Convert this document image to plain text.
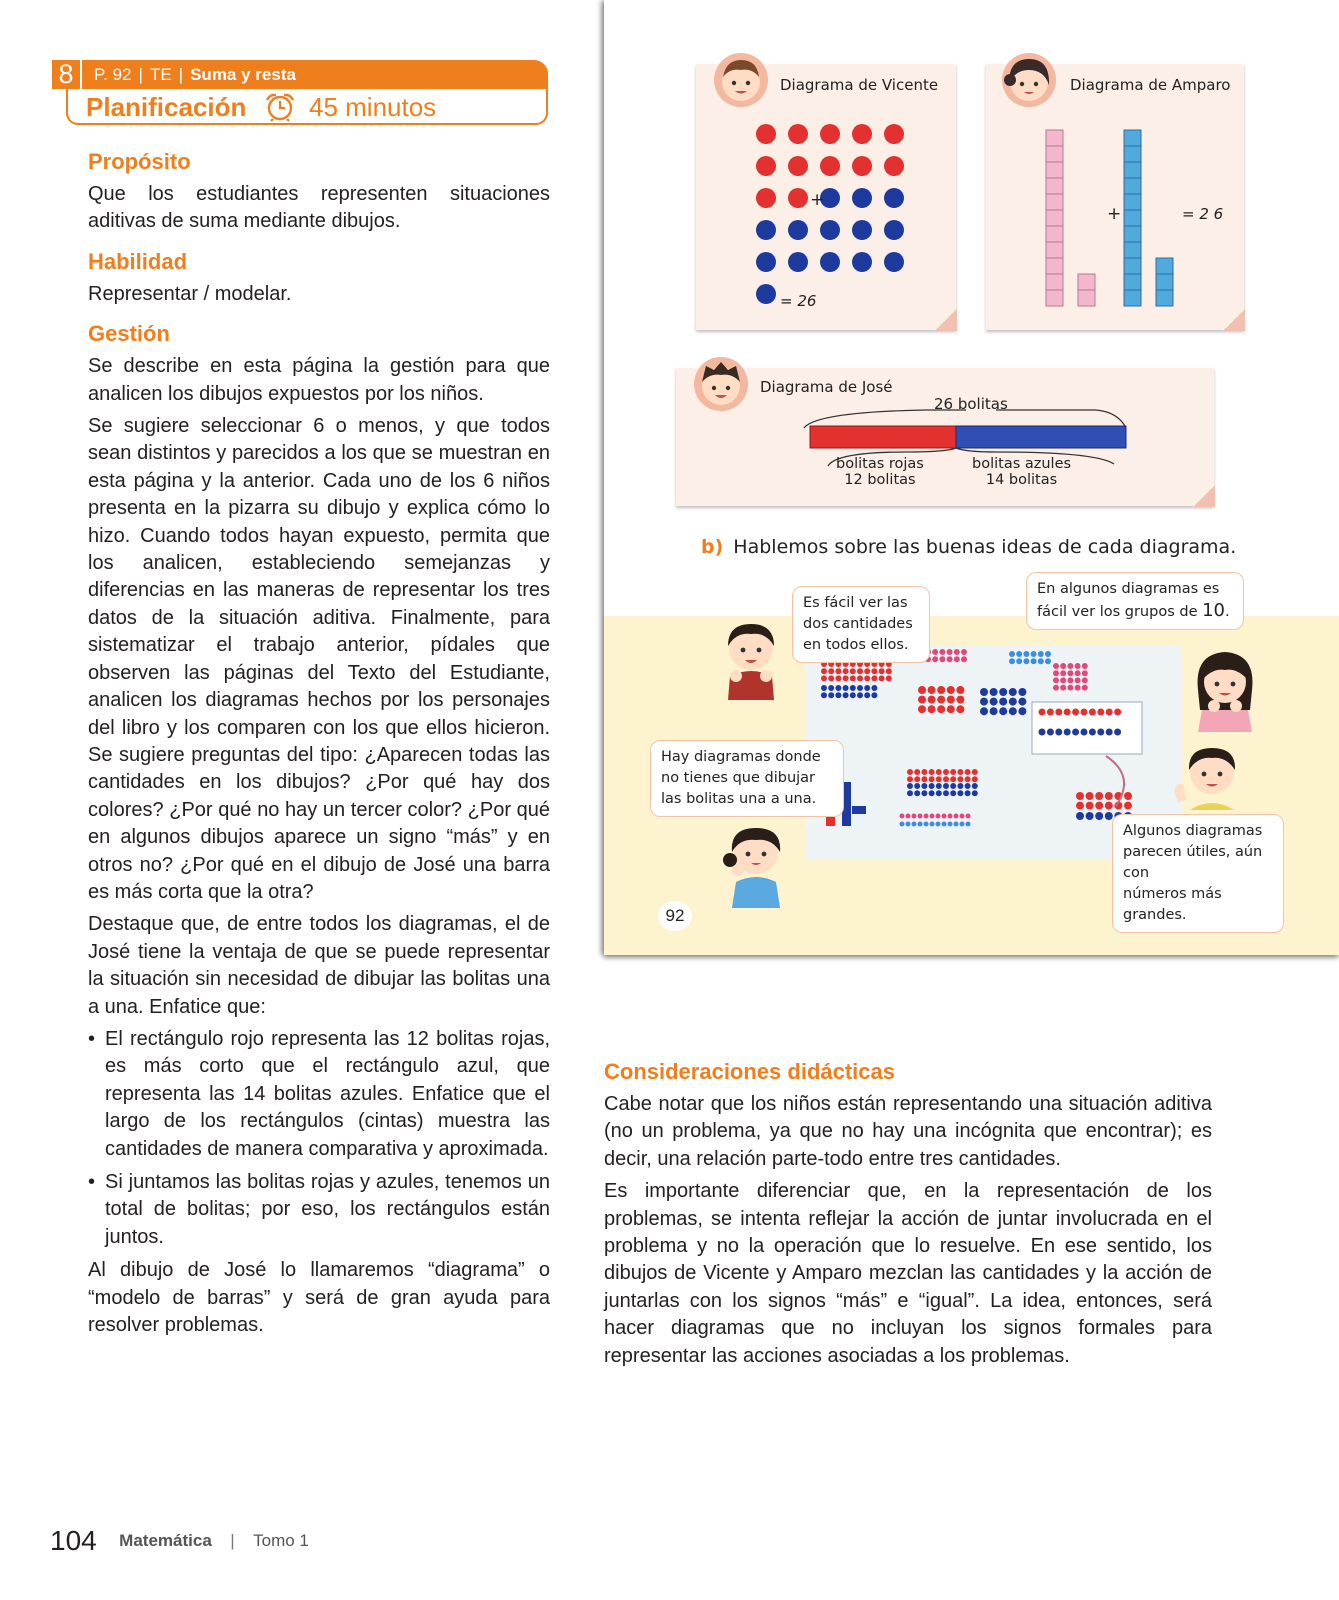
8	P. 92 | TE | Suma y resta
Planificación 45 minutos
Propósito
Que los estudiantes representen situaciones aditivas de suma mediante dibujos.
Habilidad
Representar / modelar.
Gestión
Se describe en esta página la gestión para que analicen los dibujos expuestos por los niños.
Se sugiere seleccionar 6 o menos, y que todos sean distintos y parecidos a los que se muestran en esta página y la anterior. Cada uno de los 6 niños presenta en la pizarra su dibujo y explica cómo lo hizo. Cuando todos hayan expuesto, permita que los analicen, estableciendo semejanzas y diferencias en las maneras de representar los tres datos de la situación aditiva. Finalmente, para sistematizar el trabajo anterior, pídales que observen las páginas del Texto del Estudiante, analicen los diagramas hechos por los personajes del libro y los comparen con los que ellos hicieron. Se sugiere preguntas del tipo: ¿Aparecen todas las cantidades en los dibujos? ¿Por qué hay dos colores? ¿Por qué no hay un tercer color? ¿Por qué en algunos dibujos aparece un signo “más” y en otros no? ¿Por qué en el dibujo de José una barra es más corta que la otra?
Destaque que, de entre todos los diagramas, el de José tiene la ventaja de que se puede representar la situación sin necesidad de dibujar las bolitas una a una. Enfatice que:
• El rectángulo rojo representa las 12 bolitas rojas, es más corto que el rectángulo azul, que representa las 14 bolitas azules. Enfatice que el largo de los rectángulos (cintas) muestra las cantidades de manera comparativa y aproximada.
• Si juntamos las bolitas rojas y azules, tenemos un total de bolitas; por eso, los rectángulos están juntos.
Al dibujo de José lo llamaremos “diagrama” o “modelo de barras” y será de gran ayuda para resolver problemas.
Diagrama de Vicente
+
= 26
Diagrama de Amparo
+	= 2 6
Diagrama de José
26 bolitas
bolitas rojas
12 bolitas
bolitas azules
14 bolitas
b) Hablemos sobre las buenas ideas de cada diagrama.
Es fácil ver las
dos cantidades
en todos ellos.
En algunos diagramas es
fácil ver los grupos de 10.
Hay diagramas donde
no tienes que dibujar
las bolitas una a una.
Algunos diagramas
parecen útiles, aún con
números más grandes.
92
Consideraciones didácticas
Cabe notar que los niños están representando una situación aditiva (no un problema, ya que no hay una incógnita que encontrar); es decir, una relación parte-todo entre tres cantidades.
Es importante diferenciar que, en la representación de los problemas, se intenta reflejar la acción de juntar involucrada en el problema y no la operación que lo resuelve. En ese sentido, los dibujos de Vicente y Amparo mezclan las cantidades y la acción de juntarlas con los signos “más” e “igual”. La idea, entonces, será hacer diagramas que no incluyan los signos formales para representar las acciones asociadas a los problemas.
104 Matemática | Tomo 1
